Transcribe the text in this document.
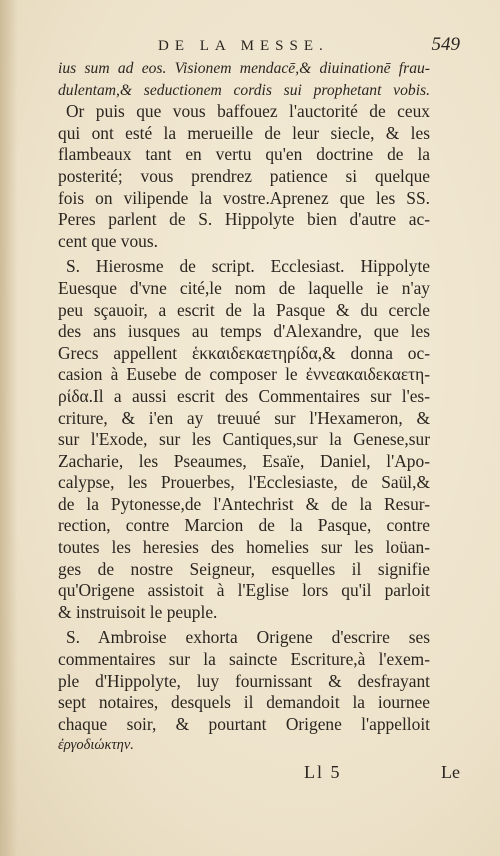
DE LA MESSE.	549
ius sum ad eos. Visionem mendacē,& diuinationē frau-
dulentam,& seductionem cordis sui prophetant vobis.
Or puis que vous baffouez l'auctorité de ceux
qui ont esté la merueille de leur siecle, & les
flambeaux tant en vertu qu'en doctrine de la
posterité; vous prendrez patience si quelque
fois on vilipende la vostre.Aprenez que les SS.
Peres parlent de S. Hippolyte bien d'autre ac-
cent que vous.
S. Hierosme de script. Ecclesiast. Hippolyte
Euesque d'vne cité,le nom de laquelle ie n'ay
peu sçauoir, a escrit de la Pasque & du cercle
des ans iusques au temps d'Alexandre, que les
Grecs appellent ἑκκαιδεκαετηρίδα,& donna oc-
casion à Eusebe de composer le ἐννεακαιδεκαετη-
ρίδα.Il a aussi escrit des Commentaires sur l'es-
criture, & i'en ay treuué sur l'Hexameron, &
sur l'Exode, sur les Cantiques,sur la Genese,sur
Zacharie, les Pseaumes, Esaïe, Daniel, l'Apo-
calypse, les Prouerbes, l'Ecclesiaste, de Saül,&
de la Pytonesse,de l'Antechrist & de la Resur-
rection, contre Marcion de la Pasque, contre
toutes les heresies des homelies sur les loüan-
ges de nostre Seigneur, esquelles il signifie
qu'Origene assistoit à l'Eglise lors qu'il parloit
& instruisoit le peuple.
S. Ambroise exhorta Origene d'escrire ses
commentaires sur la saincte Escriture,à l'exem-
ple d'Hippolyte, luy fournissant & desfrayant
sept notaires, desquels il demandoit la iournee
chaque soir, & pourtant Origene l'appelloit
ἐργοδιώκτην.
Ll 5	Le
